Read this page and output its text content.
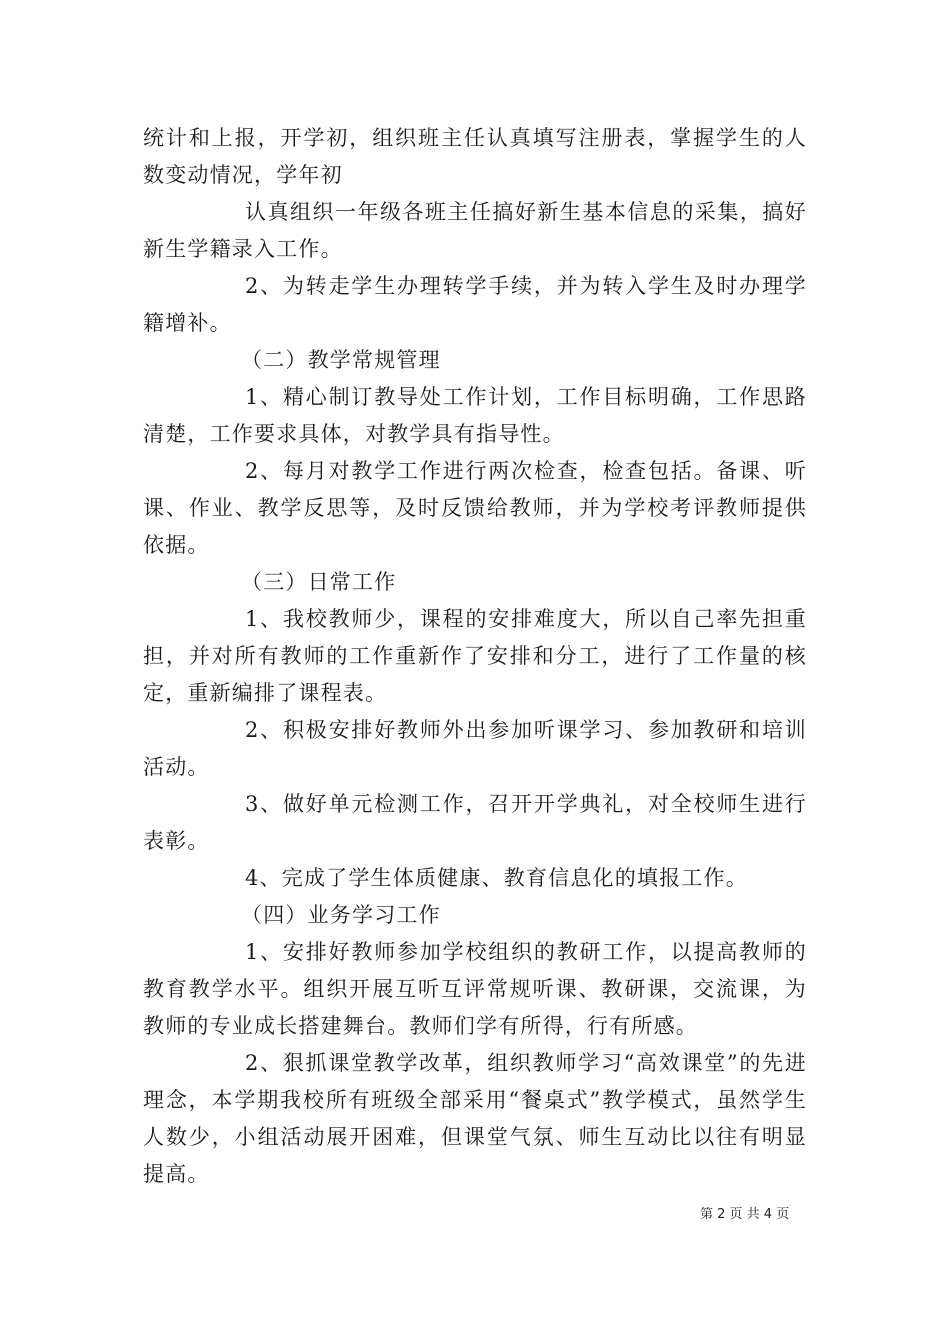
统计和上报，开学初，组织班主任认真填写注册表，掌握学生的人数变动情况，学年初

认真组织一年级各班主任搞好新生基本信息的采集，搞好新生学籍录入工作。

2、为转走学生办理转学手续，并为转入学生及时办理学籍增补。

（二）教学常规管理

1、精心制订教导处工作计划，工作目标明确，工作思路清楚，工作要求具体，对教学具有指导性。

2、每月对教学工作进行两次检查，检查包括。备课、听课、作业、教学反思等，及时反馈给教师，并为学校考评教师提供依据。

（三）日常工作

1、我校教师少，课程的安排难度大，所以自己率先担重担，并对所有教师的工作重新作了安排和分工，进行了工作量的核定，重新编排了课程表。

2、积极安排好教师外出参加听课学习、参加教研和培训活动。

3、做好单元检测工作，召开开学典礼，对全校师生进行表彰。

4、完成了学生体质健康、教育信息化的填报工作。

（四）业务学习工作

1、安排好教师参加学校组织的教研工作，以提高教师的教育教学水平。组织开展互听互评常规听课、教研课，交流课，为教师的专业成长搭建舞台。教师们学有所得，行有所感。

2、狠抓课堂教学改革，组织教师学习“高效课堂”的先进理念，本学期我校所有班级全部采用“餐桌式”教学模式，虽然学生人数少，小组活动展开困难，但课堂气氛、师生互动比以往有明显提高。

第 2 页 共 4 页
